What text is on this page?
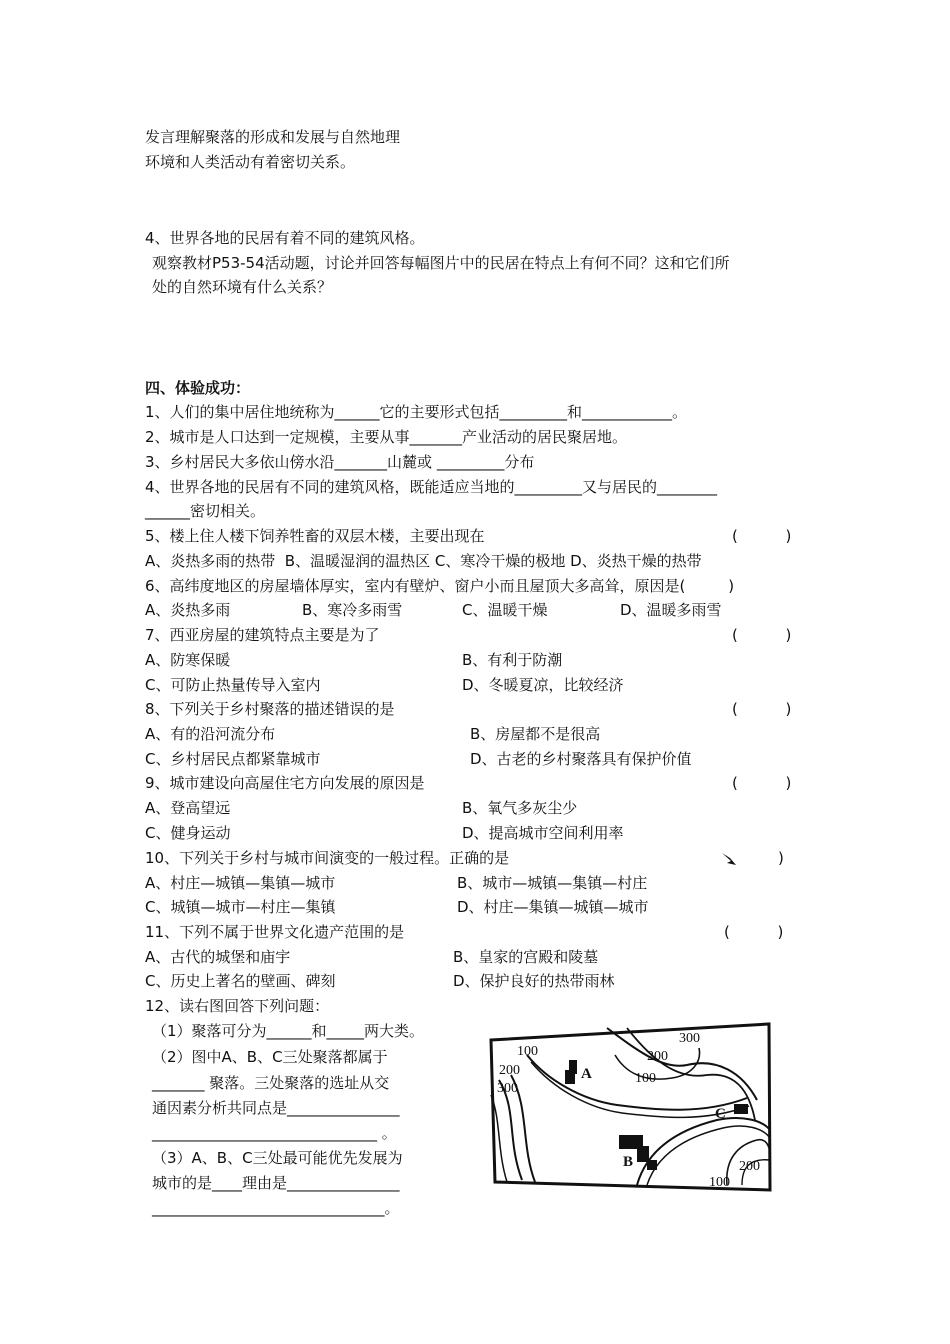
发言理解聚落的形成和发展与自然地理
环境和人类活动有着密切关系。
4、世界各地的民居有着不同的建筑风格。
观察教材P53-54活动题，讨论并回答每幅图片中的民居在特点上有何不同？这和它们所
处的自然环境有什么关系？
四、体验成功：
1、人们的集中居住地统称为______它的主要形式包括_________和____________。
2、城市是人口达到一定规模，主要从事_______产业活动的居民聚居地。
3、乡村居民大多依山傍水沿_______山麓或 _________分布
4、世界各地的民居有不同的建筑风格，既能适应当地的_________又与居民的________
______密切相关。
5、楼上住人楼下饲养牲畜的双层木楼，主要出现在	(          )
A、炎热多雨的热带  B、温暖湿润的温热区 C、寒冷干燥的极地 D、炎热干燥的热带
6、高纬度地区的房屋墙体厚实，室内有壁炉、窗户小而且屋顶大多高耸，原因是(         )
A、炎热多雨	B、寒冷多雨雪	C、温暖干燥	D、温暖多雨雪
7、西亚房屋的建筑特点主要是为了	(          )
A、防寒保暖	B、有利于防潮
C、可防止热量传导入室内	D、冬暖夏凉，比较经济
8、下列关于乡村聚落的描述错误的是	(          )
A、有的沿河流分布	B、房屋都不是很高
C、乡村居民点都紧靠城市	D、古老的乡村聚落具有保护价值
9、城市建设向高屋住宅方向发展的原因是	(          )
A、登高望远	B、氧气多灰尘少
C、健身运动	D、提高城市空间利用率
10、下列关于乡村与城市间演变的一般过程。正确的是	)
A、村庄—城镇—集镇—城市	B、城市—城镇—集镇—村庄
C、城镇—城市—村庄—集镇	D、村庄—集镇—城镇—城市
11、下列不属于世界文化遗产范围的是	(          )
A、古代的城堡和庙宇	B、皇家的宫殿和陵墓
C、历史上著名的壁画、碑刻	D、保护良好的热带雨林
12、读右图回答下列问题：
（1）聚落可分为______和_____两大类。
（2）图中A、B、C三处聚落都属于
_______ 聚落。三处聚落的选址从交
通因素分析共同点是_______________
______________________________ 。
（3）A、B、C三处最可能优先发展为
城市的是____理由是_______________
_______________________________。
300
200
100
100
200
300
200
100
A
B
C
